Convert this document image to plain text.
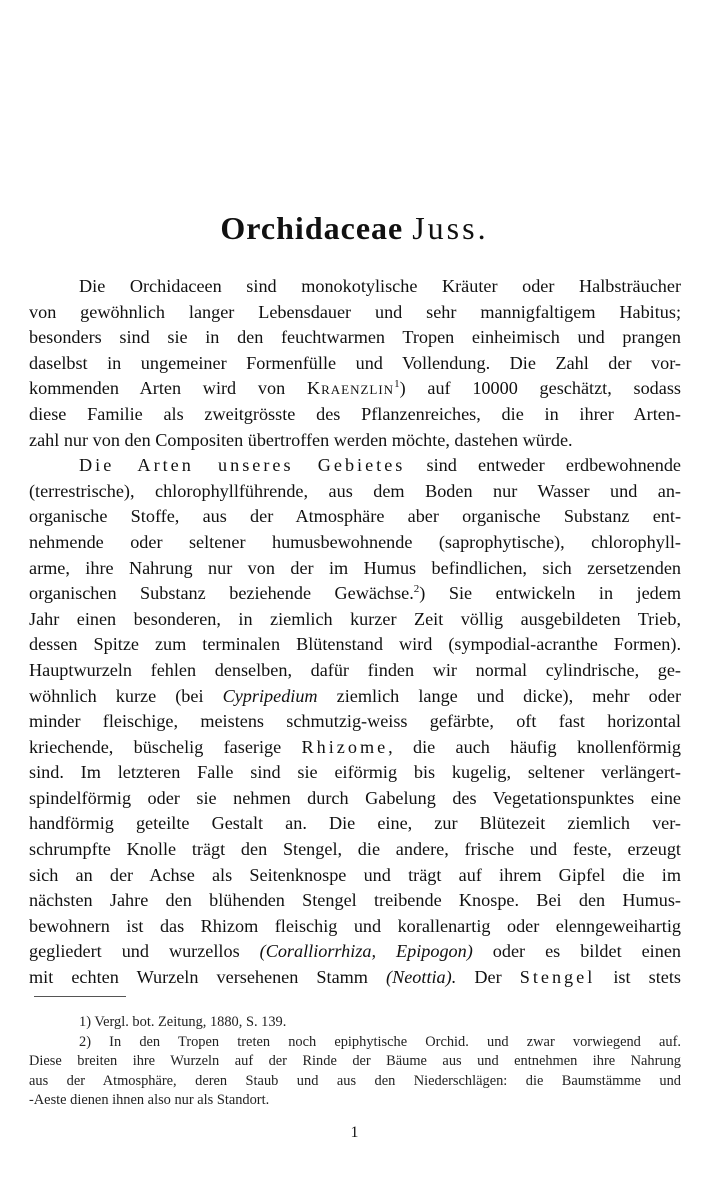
Orchidaceae Juss.
Die Orchidaceen sind monokotylische Kräuter oder Halbsträucher
von gewöhnlich langer Lebensdauer und sehr mannigfaltigem Habitus;
besonders sind sie in den feuchtwarmen Tropen einheimisch und prangen
daselbst in ungemeiner Formenfülle und Vollendung. Die Zahl der vor-
kommenden Arten wird von Kraenzlin$^1$) auf 10000 geschätzt, sodass
diese Familie als zweitgrösste des Pflanzenreiches, die in ihrer Arten-
zahl nur von den Compositen übertroffen werden möchte, dastehen würde.
Die Arten unseres Gebietes sind entweder erdbewohnende
(terrestrische), chlorophyllführende, aus dem Boden nur Wasser und an-
organische Stoffe, aus der Atmosphäre aber organische Substanz ent-
nehmende oder seltener humusbewohnende (saprophytische), chlorophyll-
arme, ihre Nahrung nur von der im Humus befindlichen, sich zersetzenden
organischen Substanz beziehende Gewächse.$^2$) Sie entwickeln in jedem
Jahr einen besonderen, in ziemlich kurzer Zeit völlig ausgebildeten Trieb,
dessen Spitze zum terminalen Blütenstand wird (sympodial-acranthe Formen).
Hauptwurzeln fehlen denselben, dafür finden wir normal cylindrische, ge-
wöhnlich kurze (bei Cypripedium ziemlich lange und dicke), mehr oder
minder fleischige, meistens schmutzig-weiss gefärbte, oft fast horizontal
kriechende, büschelig faserige Rhizome, die auch häufig knollenförmig
sind. Im letzteren Falle sind sie eiförmig bis kugelig, seltener verlängert-
spindelförmig oder sie nehmen durch Gabelung des Vegetationspunktes eine
handförmig geteilte Gestalt an. Die eine, zur Blütezeit ziemlich ver-
schrumpfte Knolle trägt den Stengel, die andere, frische und feste, erzeugt
sich an der Achse als Seitenknospe und trägt auf ihrem Gipfel die im
nächsten Jahre den blühenden Stengel treibende Knospe. Bei den Humus-
bewohnern ist das Rhizom fleischig und korallenartig oder elenngeweihartig
gegliedert und wurzellos (Coralliorrhiza, Epipogon) oder es bildet einen
mit echten Wurzeln versehenen Stamm (Neottia). Der Stengel ist stets
1) Vergl. bot. Zeitung, 1880, S. 139.
2) In den Tropen treten noch epiphytische Orchid. und zwar vorwiegend auf.
Diese breiten ihre Wurzeln auf der Rinde der Bäume aus und entnehmen ihre Nahrung
aus der Atmosphäre, deren Staub und aus den Niederschlägen: die Baumstämme und
-Aeste dienen ihnen also nur als Standort.
1
